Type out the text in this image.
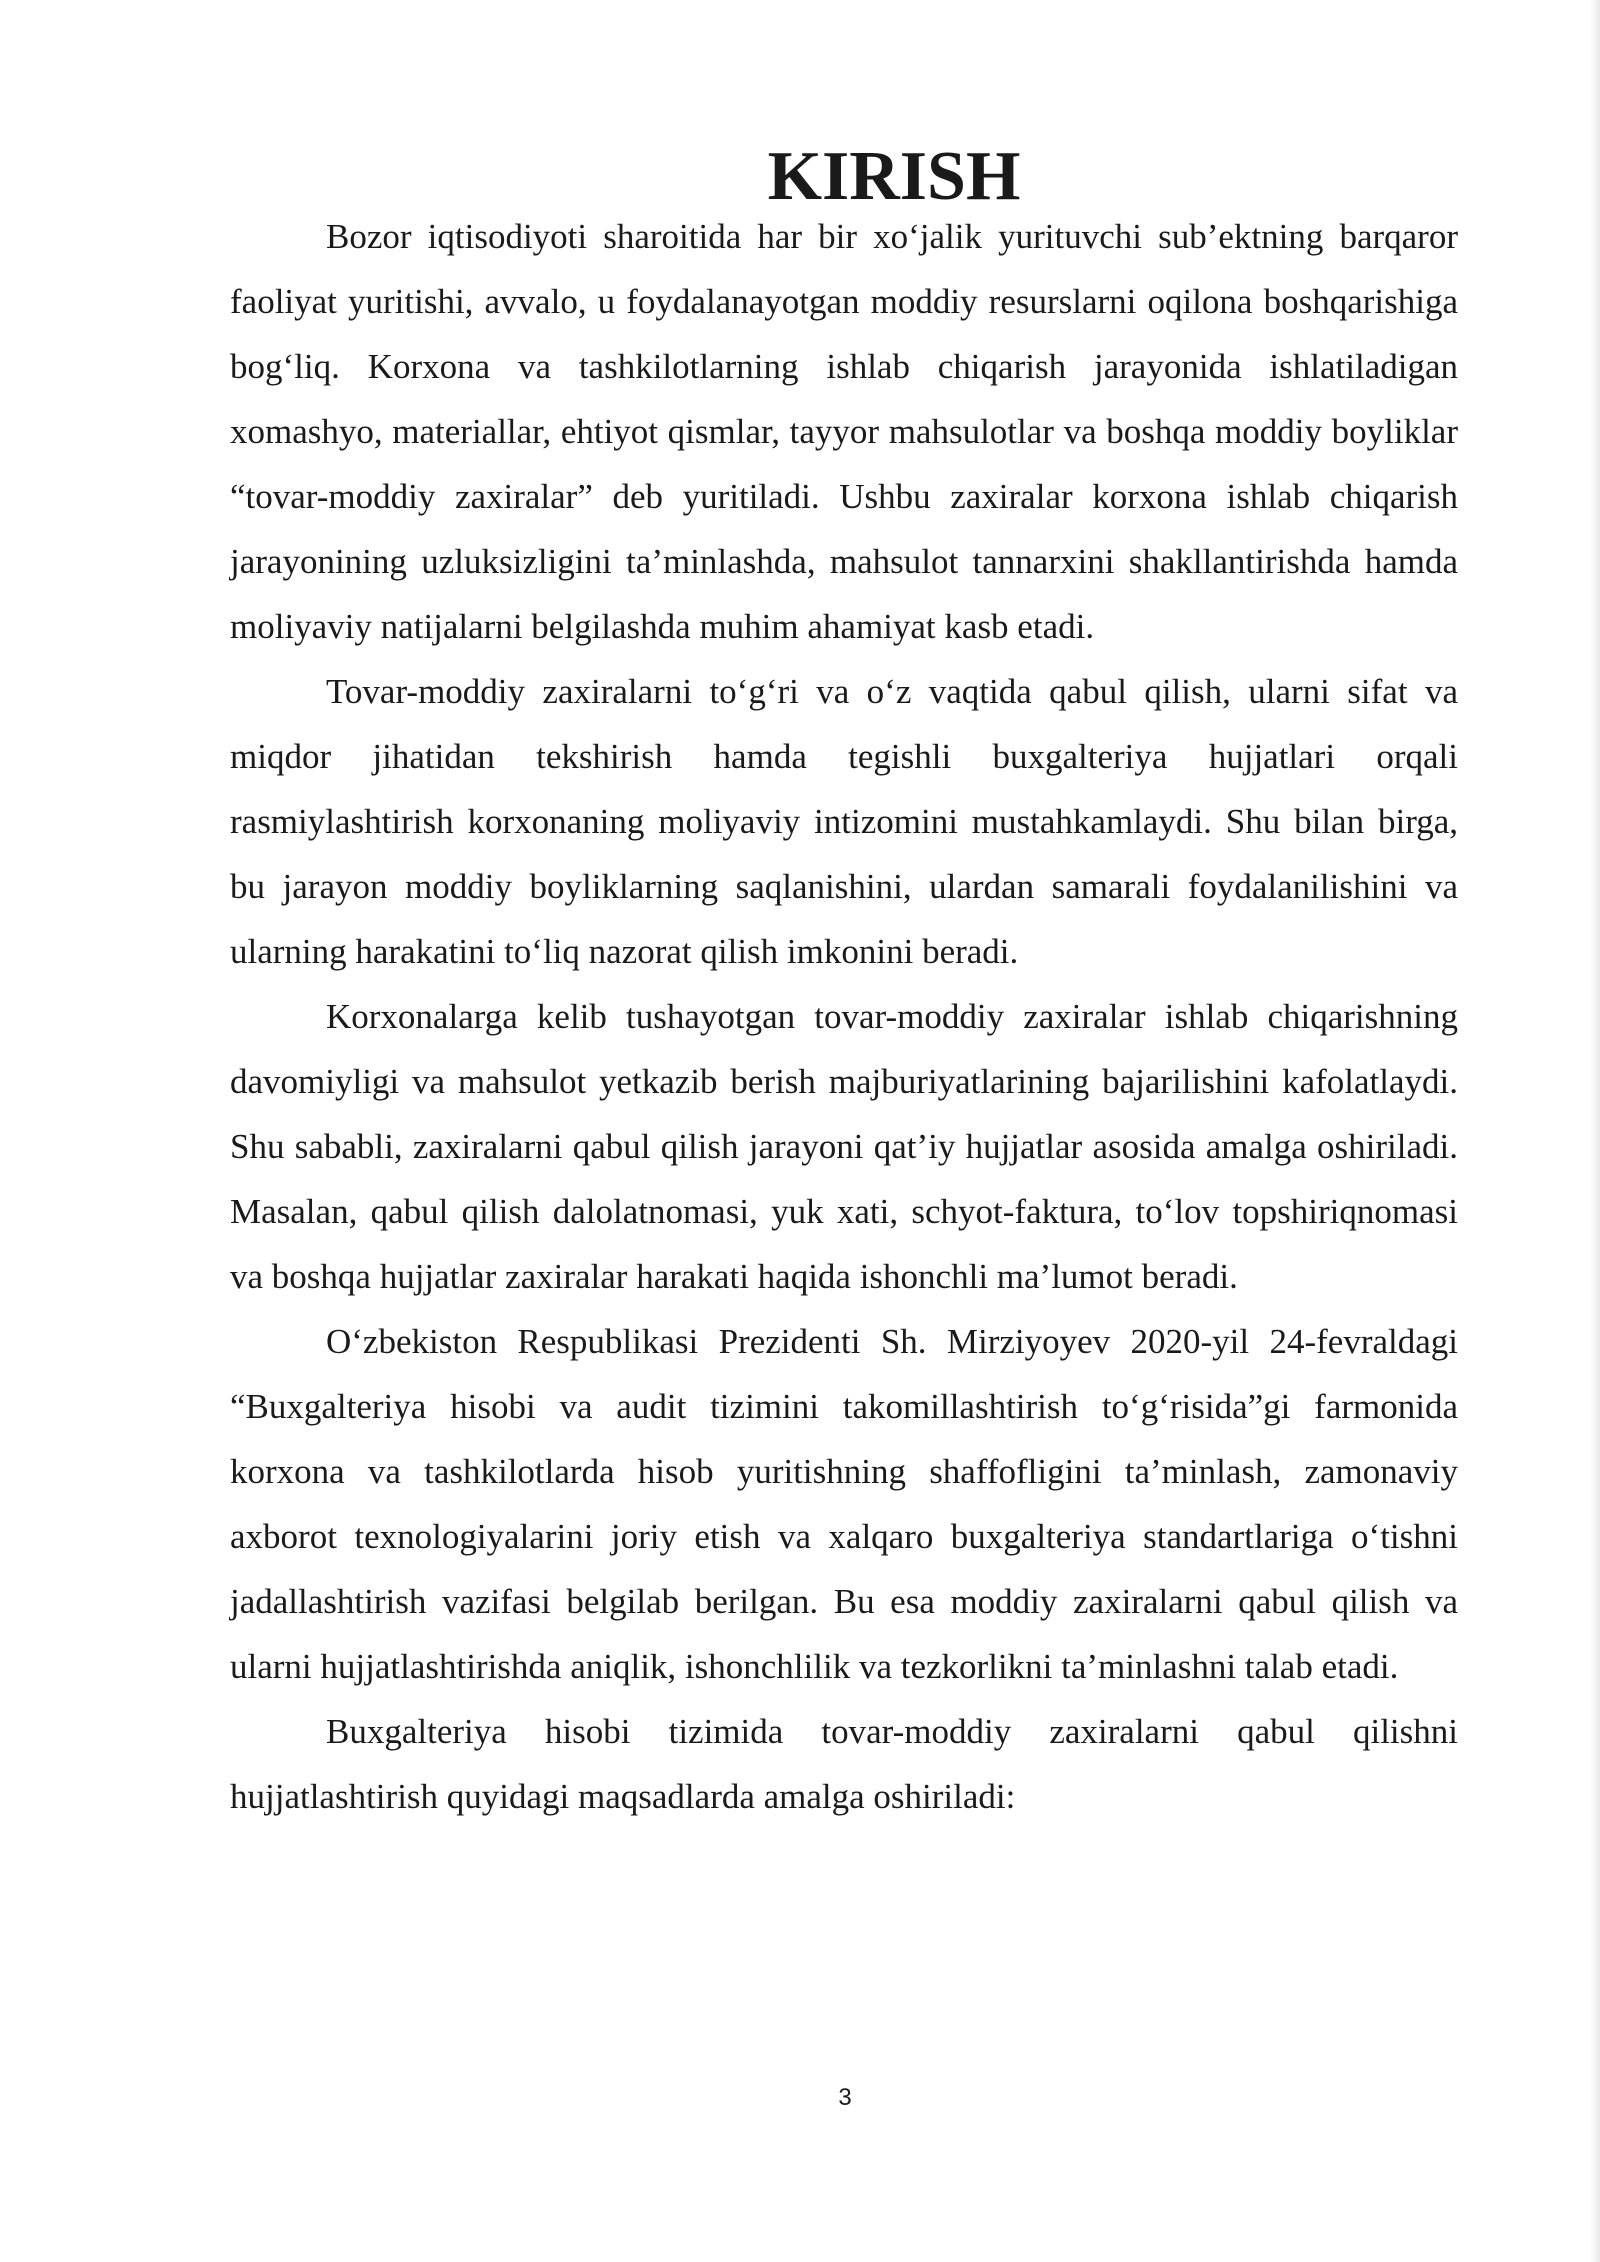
KIRISH

Bozor iqtisodiyoti sharoitida har bir xo‘jalik yurituvchi sub’ektning barqaror faoliyat yuritishi, avvalo, u foydalanayotgan moddiy resurslarni oqilona boshqarishiga bog‘liq. Korxona va tashkilotlarning ishlab chiqarish jarayonida ishlatiladigan xomashyo, materiallar, ehtiyot qismlar, tayyor mahsulotlar va boshqa moddiy boyliklar “tovar-moddiy zaxiralar” deb yuritiladi. Ushbu zaxiralar korxona ishlab chiqarish jarayonining uzluksizligini ta’minlashda, mahsulot tannarxini shakllantirishda hamda moliyaviy natijalarni belgilashda muhim ahamiyat kasb etadi.

Tovar-moddiy zaxiralarni to‘g‘ri va o‘z vaqtida qabul qilish, ularni sifat va miqdor jihatidan tekshirish hamda tegishli buxgalteriya hujjatlari orqali rasmiylashtirish korxonaning moliyaviy intizomini mustahkamlaydi. Shu bilan birga, bu jarayon moddiy boyliklarning saqlanishini, ulardan samarali foydalanilishini va ularning harakatini to‘liq nazorat qilish imkonini beradi.

Korxonalarga kelib tushayotgan tovar-moddiy zaxiralar ishlab chiqarishning davomiyligi va mahsulot yetkazib berish majburiyatlarining bajarilishini kafolatlaydi. Shu sababli, zaxiralarni qabul qilish jarayoni qat’iy hujjatlar asosida amalga oshiriladi. Masalan, qabul qilish dalolatnomasi, yuk xati, schyot-faktura, to‘lov topshiriqnomasi va boshqa hujjatlar zaxiralar harakati haqida ishonchli ma’lumot beradi.

O‘zbekiston Respublikasi Prezidenti Sh. Mirziyoyev 2020-yil 24-fevraldagi “Buxgalteriya hisobi va audit tizimini takomillashtirish to‘g‘risida”gi farmonida korxona va tashkilotlarda hisob yuritishning shaffofligini ta’minlash, zamonaviy axborot texnologiyalarini joriy etish va xalqaro buxgalteriya standartlariga o‘tishni jadallashtirish vazifasi belgilab berilgan. Bu esa moddiy zaxiralarni qabul qilish va ularni hujjatlashtirishda aniqlik, ishonchlilik va tezkorlikni ta’minlashni talab etadi.

Buxgalteriya hisobi tizimida tovar-moddiy zaxiralarni qabul qilishni hujjatlashtirish quyidagi maqsadlarda amalga oshiriladi:

3
